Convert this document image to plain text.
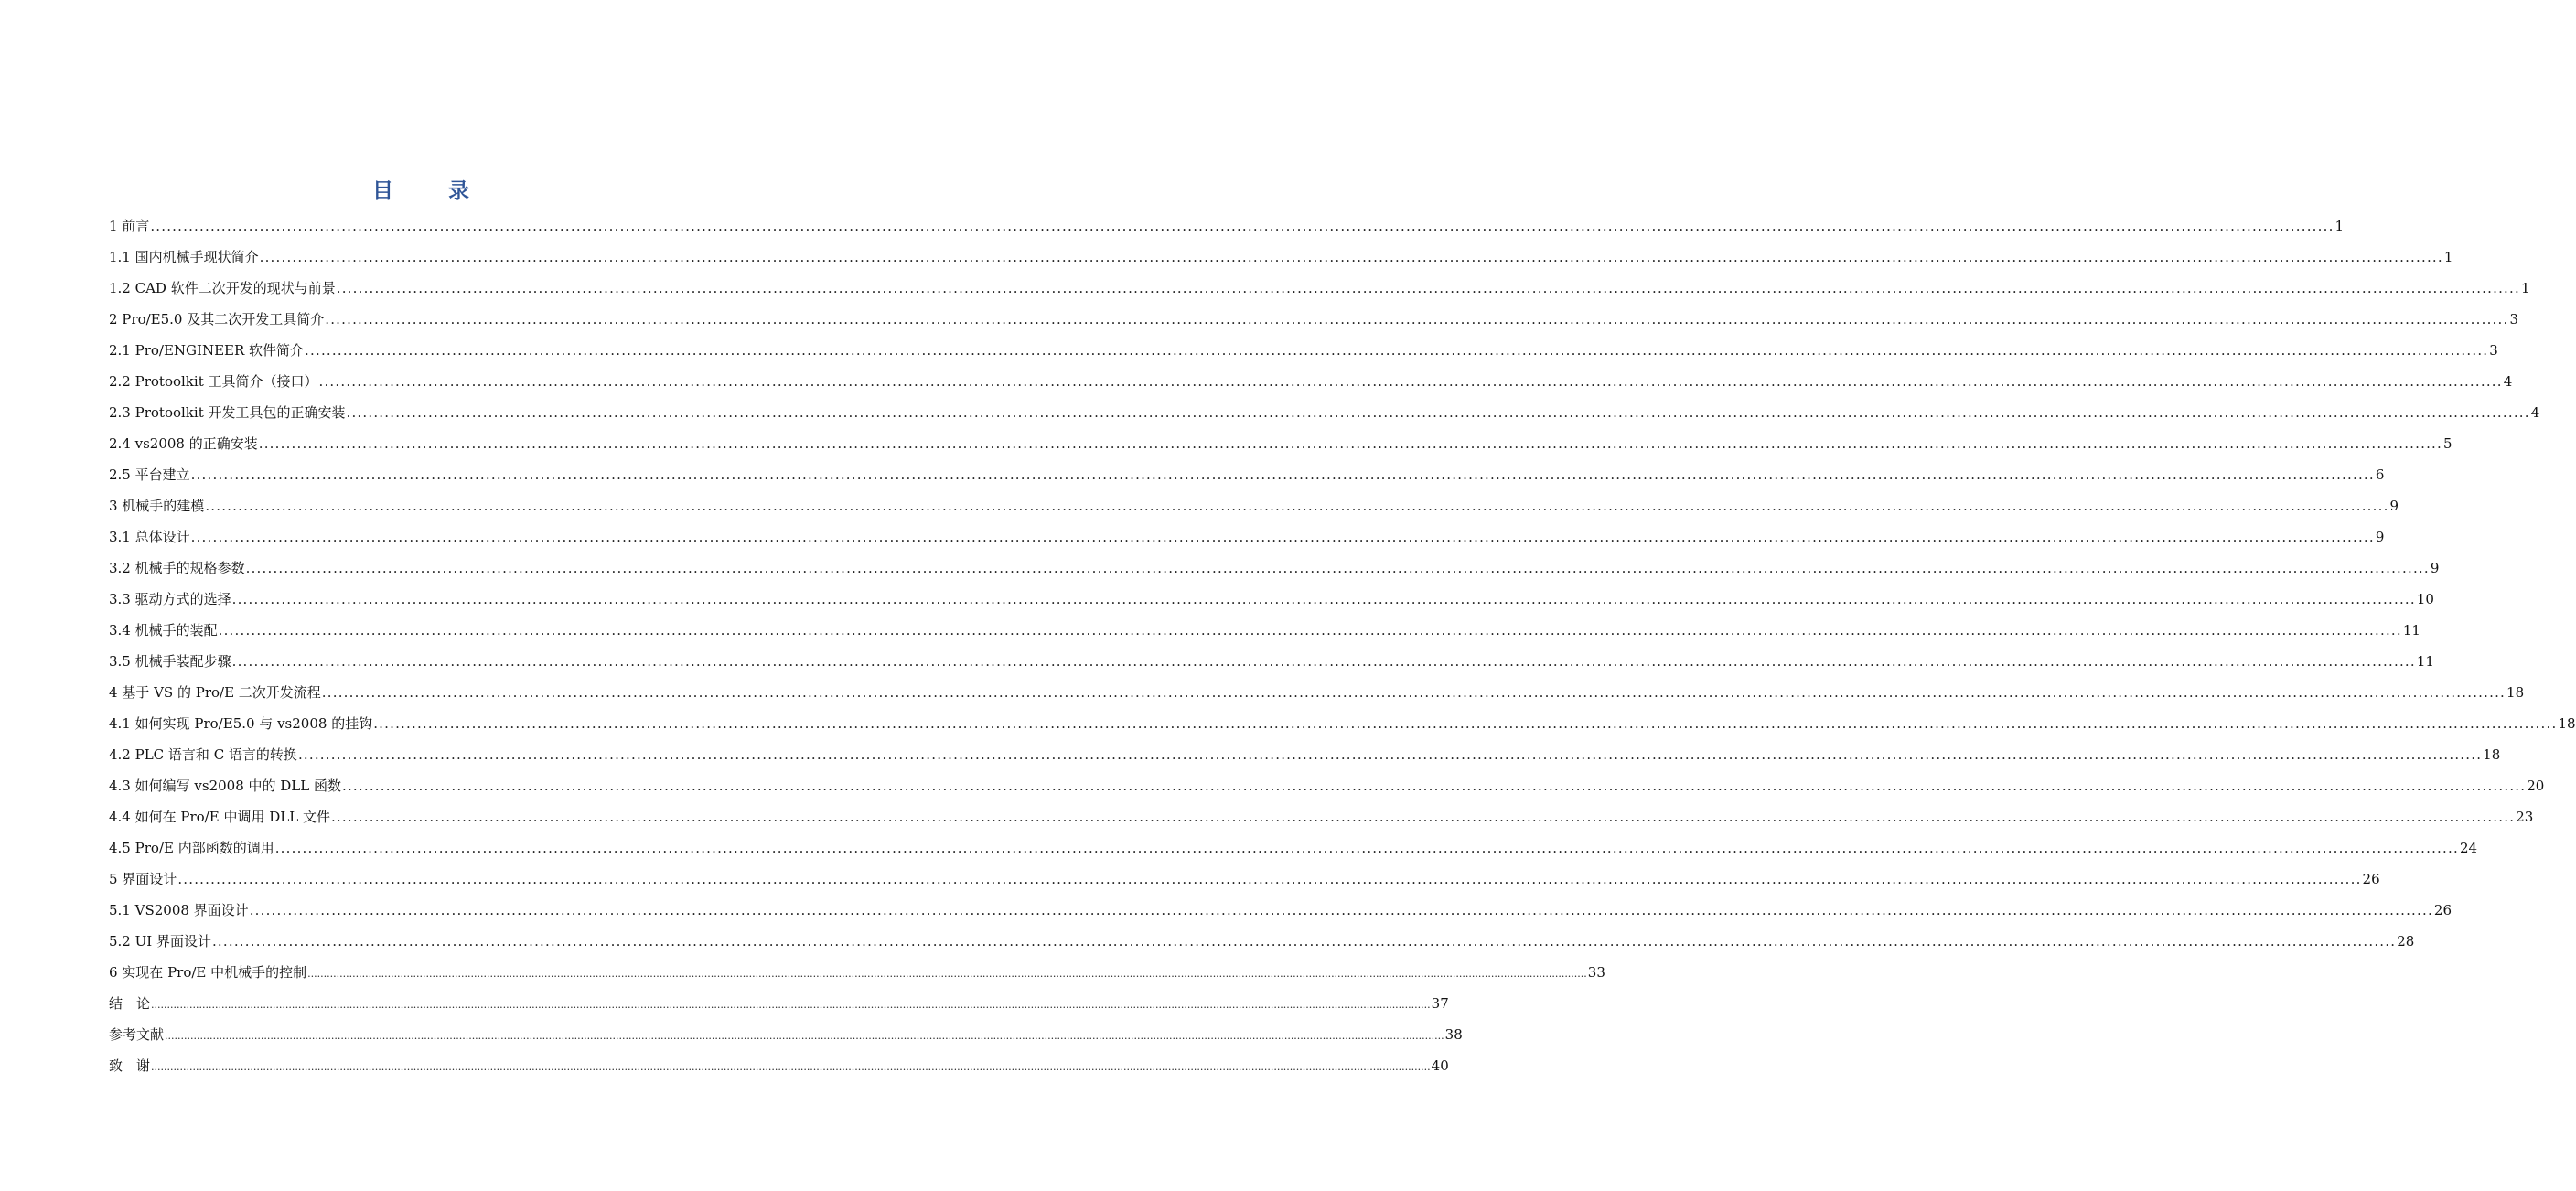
目 录
1 前言 ................................................................................................................................................................................................................................................................................................................................................................................................................ 1
1.1 国内机械手现状简介 ................................................................................................................................................................................................................................................................................................................................................................................................................ 1
1.2 CAD 软件二次开发的现状与前景 ................................................................................................................................................................................................................................................................................................................................................................................................................ 1
2 Pro/E5.0 及其二次开发工具简介 ................................................................................................................................................................................................................................................................................................................................................................................................................ 3
2.1 Pro/ENGINEER 软件简介 ................................................................................................................................................................................................................................................................................................................................................................................................................ 3
2.2 Protoolkit 工具简介（接口） ................................................................................................................................................................................................................................................................................................................................................................................................................ 4
2.3 Protoolkit 开发工具包的正确安装 ................................................................................................................................................................................................................................................................................................................................................................................................................ 4
2.4 vs2008 的正确安装 ................................................................................................................................................................................................................................................................................................................................................................................................................ 5
2.5 平台建立 ................................................................................................................................................................................................................................................................................................................................................................................................................ 6
3 机械手的建模 ................................................................................................................................................................................................................................................................................................................................................................................................................ 9
3.1 总体设计 ................................................................................................................................................................................................................................................................................................................................................................................................................ 9
3.2 机械手的规格参数 ................................................................................................................................................................................................................................................................................................................................................................................................................ 9
3.3 驱动方式的选择 ................................................................................................................................................................................................................................................................................................................................................................................................................ 10
3.4 机械手的装配 ................................................................................................................................................................................................................................................................................................................................................................................................................ 11
3.5 机械手装配步骤 ................................................................................................................................................................................................................................................................................................................................................................................................................ 11
4 基于 VS 的 Pro/E 二次开发流程 ................................................................................................................................................................................................................................................................................................................................................................................................................ 18
4.1 如何实现 Pro/E5.0 与 vs2008 的挂钩 ................................................................................................................................................................................................................................................................................................................................................................................................................ 18
4.2 PLC 语言和 C 语言的转换 ................................................................................................................................................................................................................................................................................................................................................................................................................ 18
4.3 如何编写 vs2008 中的 DLL 函数 ................................................................................................................................................................................................................................................................................................................................................................................................................ 20
4.4 如何在 Pro/E 中调用 DLL 文件 ................................................................................................................................................................................................................................................................................................................................................................................................................ 23
4.5 Pro/E 内部函数的调用 ................................................................................................................................................................................................................................................................................................................................................................................................................ 24
5 界面设计 ................................................................................................................................................................................................................................................................................................................................................................................................................ 26
5.1 VS2008 界面设计 ................................................................................................................................................................................................................................................................................................................................................................................................................ 26
5.2 UI 界面设计 ................................................................................................................................................................................................................................................................................................................................................................................................................ 28
6 实现在 Pro/E 中机械手的控制 ................................................................................................................................................................................................................................................................................................................................................................................................................ 33
结　论 ................................................................................................................................................................................................................................................................................................................................................................................................................ 37
参考文献 ................................................................................................................................................................................................................................................................................................................................................................................................................ 38
致　谢 ................................................................................................................................................................................................................................................................................................................................................................................................................ 40
